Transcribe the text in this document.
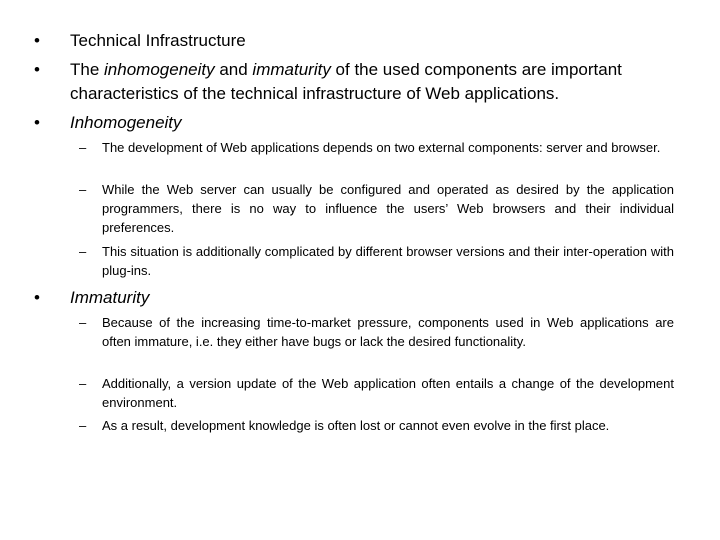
• Technical Infrastructure
• The inhomogeneity and immaturity of the used components are important characteristics of the technical infrastructure of Web applications.
• Inhomogeneity
– The development of Web applications depends on two external components: server and browser.
– While the Web server can usually be configured and operated as desired by the application programmers, there is no way to influence the users’ Web browsers and their individual preferences.
– This situation is additionally complicated by different browser versions and their inter-operation with plug-ins.
• Immaturity
– Because of the increasing time-to-market pressure, components used in Web applications are often immature, i.e. they either have bugs or lack the desired functionality.
– Additionally, a version update of the Web application often entails a change of the development environment.
– As a result, development knowledge is often lost or cannot even evolve in the first place.
